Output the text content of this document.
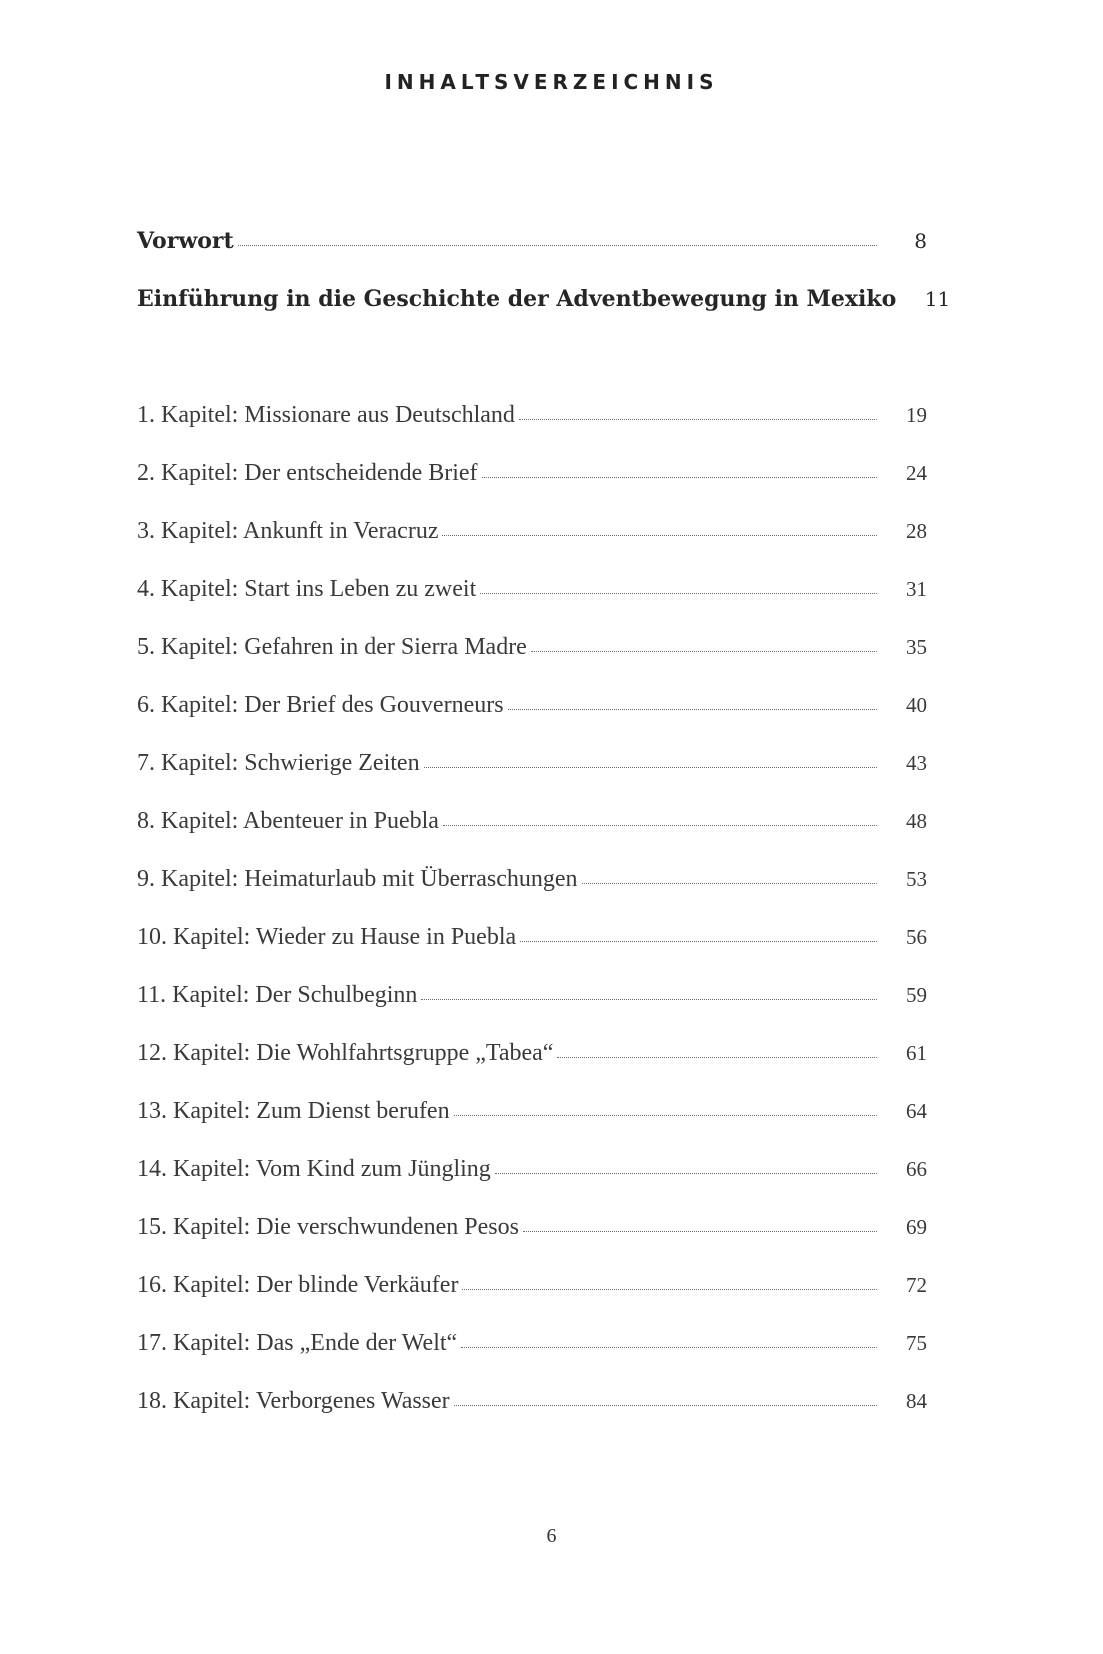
INHALTSVERZEICHNIS
Vorwort	8
Einführung in die Geschichte der Adventbewegung in Mexiko	11
1. Kapitel: Missionare aus Deutschland	19
2. Kapitel: Der entscheidende Brief	24
3. Kapitel: Ankunft in Veracruz	28
4. Kapitel: Start ins Leben zu zweit	31
5. Kapitel: Gefahren in der Sierra Madre	35
6. Kapitel: Der Brief des Gouverneurs	40
7. Kapitel: Schwierige Zeiten	43
8. Kapitel: Abenteuer in Puebla	48
9. Kapitel: Heimaturlaub mit Überraschungen	53
10. Kapitel: Wieder zu Hause in Puebla	56
11. Kapitel: Der Schulbeginn	59
12. Kapitel: Die Wohlfahrtsgruppe „Tabea“	61
13. Kapitel: Zum Dienst berufen	64
14. Kapitel: Vom Kind zum Jüngling	66
15. Kapitel: Die verschwundenen Pesos	69
16. Kapitel: Der blinde Verkäufer	72
17. Kapitel: Das „Ende der Welt“	75
18. Kapitel: Verborgenes Wasser	84
6
